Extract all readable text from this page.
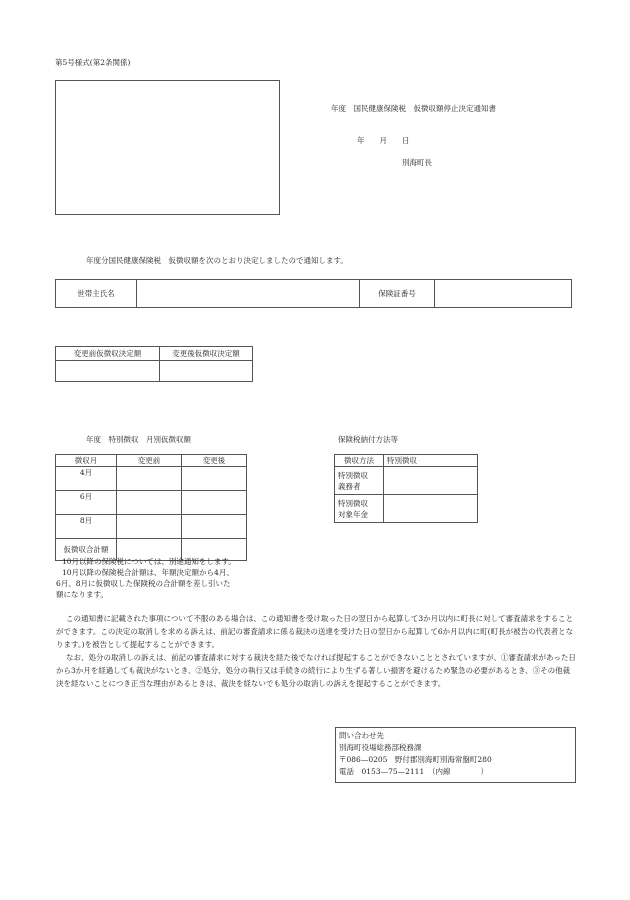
第5号様式(第2条関係)
年度　国民健康保険税　仮徴収額停止決定通知書
年　　月　　日
別海町長
年度分国民健康保険税　仮徴収額を次のとおり決定しましたので通知します。
世帯主氏名		保険証番号	
変更前仮徴収決定額	変更後仮徴収決定額

年度　特別徴収　月別仮徴収額	保険税納付方法等
徴収月	変更前	変更後
4月		
6月		
8月		
仮徴収合計額		
徴収方法	特別徴収
特別徴収
義務者	
特別徴収
対象年金	

10月以降の保険税については、別途通知をします。

10月以降の保険税合計額は、年額決定額から4月、

6月、8月に仮徴収した保険税の合計額を差し引いた

額になります。

この通知書に記載された事項について不服のある場合は、この通知書を受け取った日の翌日から起算して3か月以内に町長に対して審査請求をすることができます。この決定の取消しを求める訴えは、前記の審査請求に係る裁決の送達を受けた日の翌日から起算して6か月以内に町(町長が被告の代表者となります。)を被告として提起することができます。
なお、処分の取消しの訴えは、前記の審査請求に対する裁決を経た後でなければ提起することができないこととされていますが、①審査請求があった日から3か月を経過しても裁決がないとき、②処分、処分の執行又は手続きの続行により生ずる著しい損害を避けるため緊急の必要があるとき、③その他裁決を経ないことにつき正当な理由があるときは、裁決を経ないでも処分の取消しの訴えを提起することができます。

問い合わせ先

別海町役場総務部税務課

〒086—0205　野付郡別海町別海常盤町280

電話　0153—75—2111　（内線　　　　）
